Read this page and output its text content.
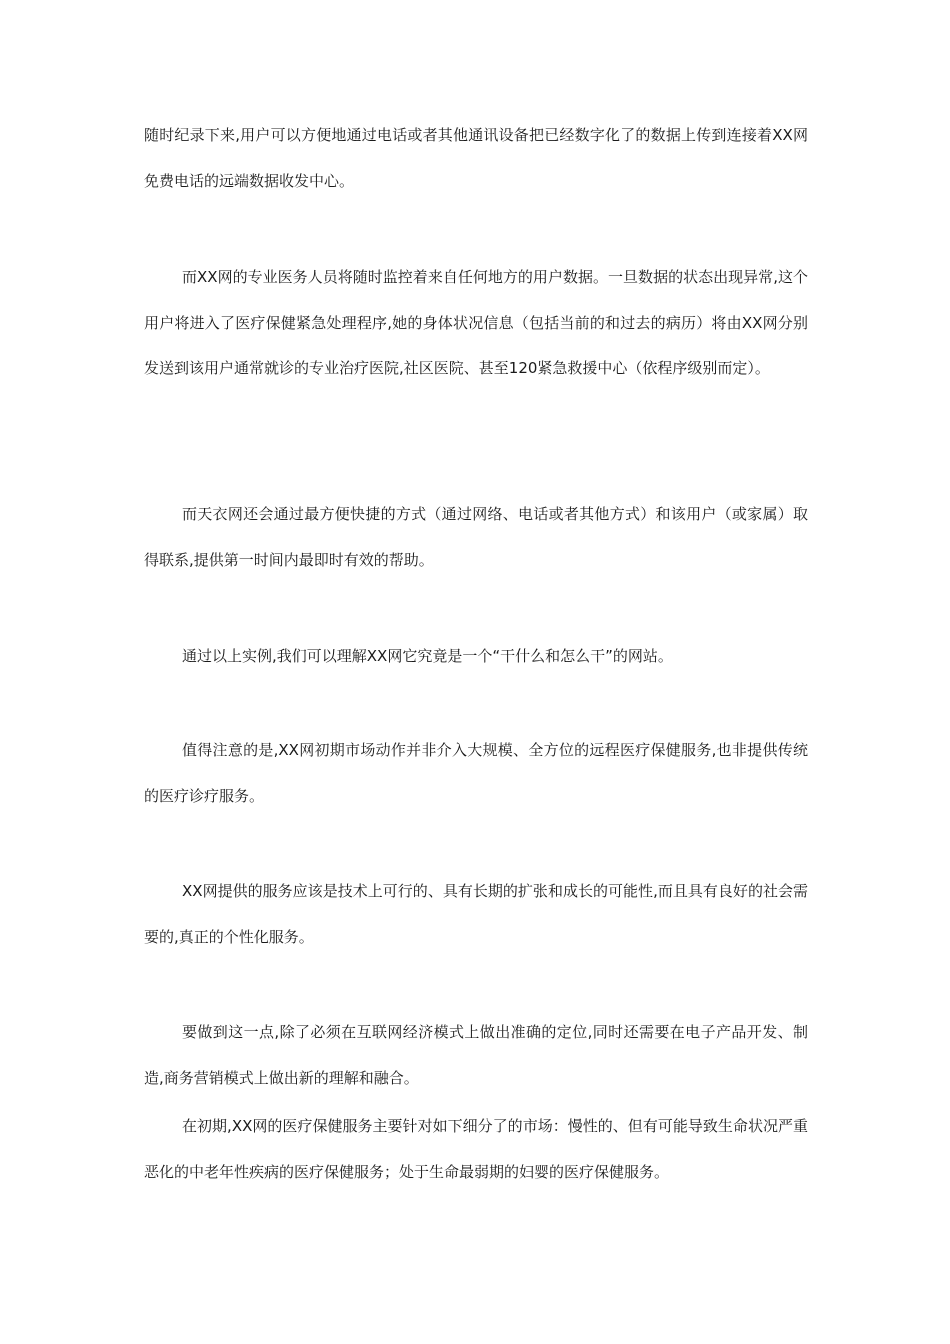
随时纪录下来,用户可以方便地通过电话或者其他通讯设备把已经数字化了的数据上传到连接着XX网免费电话的远端数据收发中心。

而XX网的专业医务人员将随时监控着来自任何地方的用户数据。一旦数据的状态出现异常,这个用户将进入了医疗保健紧急处理程序,她的身体状况信息（包括当前的和过去的病历）将由XX网分别发送到该用户通常就诊的专业治疗医院,社区医院、甚至120紧急救援中心（依程序级别而定）。

而天衣网还会通过最方便快捷的方式（通过网络、电话或者其他方式）和该用户（或家属）取得联系,提供第一时间内最即时有效的帮助。

通过以上实例,我们可以理解XX网它究竟是一个“干什么和怎么干”的网站。

值得注意的是,XX网初期市场动作并非介入大规模、全方位的远程医疗保健服务,也非提供传统的医疗诊疗服务。

XX网提供的服务应该是技术上可行的、具有长期的扩张和成长的可能性,而且具有良好的社会需要的,真正的个性化服务。

要做到这一点,除了必须在互联网经济模式上做出准确的定位,同时还需要在电子产品开发、制造,商务营销模式上做出新的理解和融合。

在初期,XX网的医疗保健服务主要针对如下细分了的市场：慢性的、但有可能导致生命状况严重恶化的中老年性疾病的医疗保健服务；处于生命最弱期的妇婴的医疗保健服务。
